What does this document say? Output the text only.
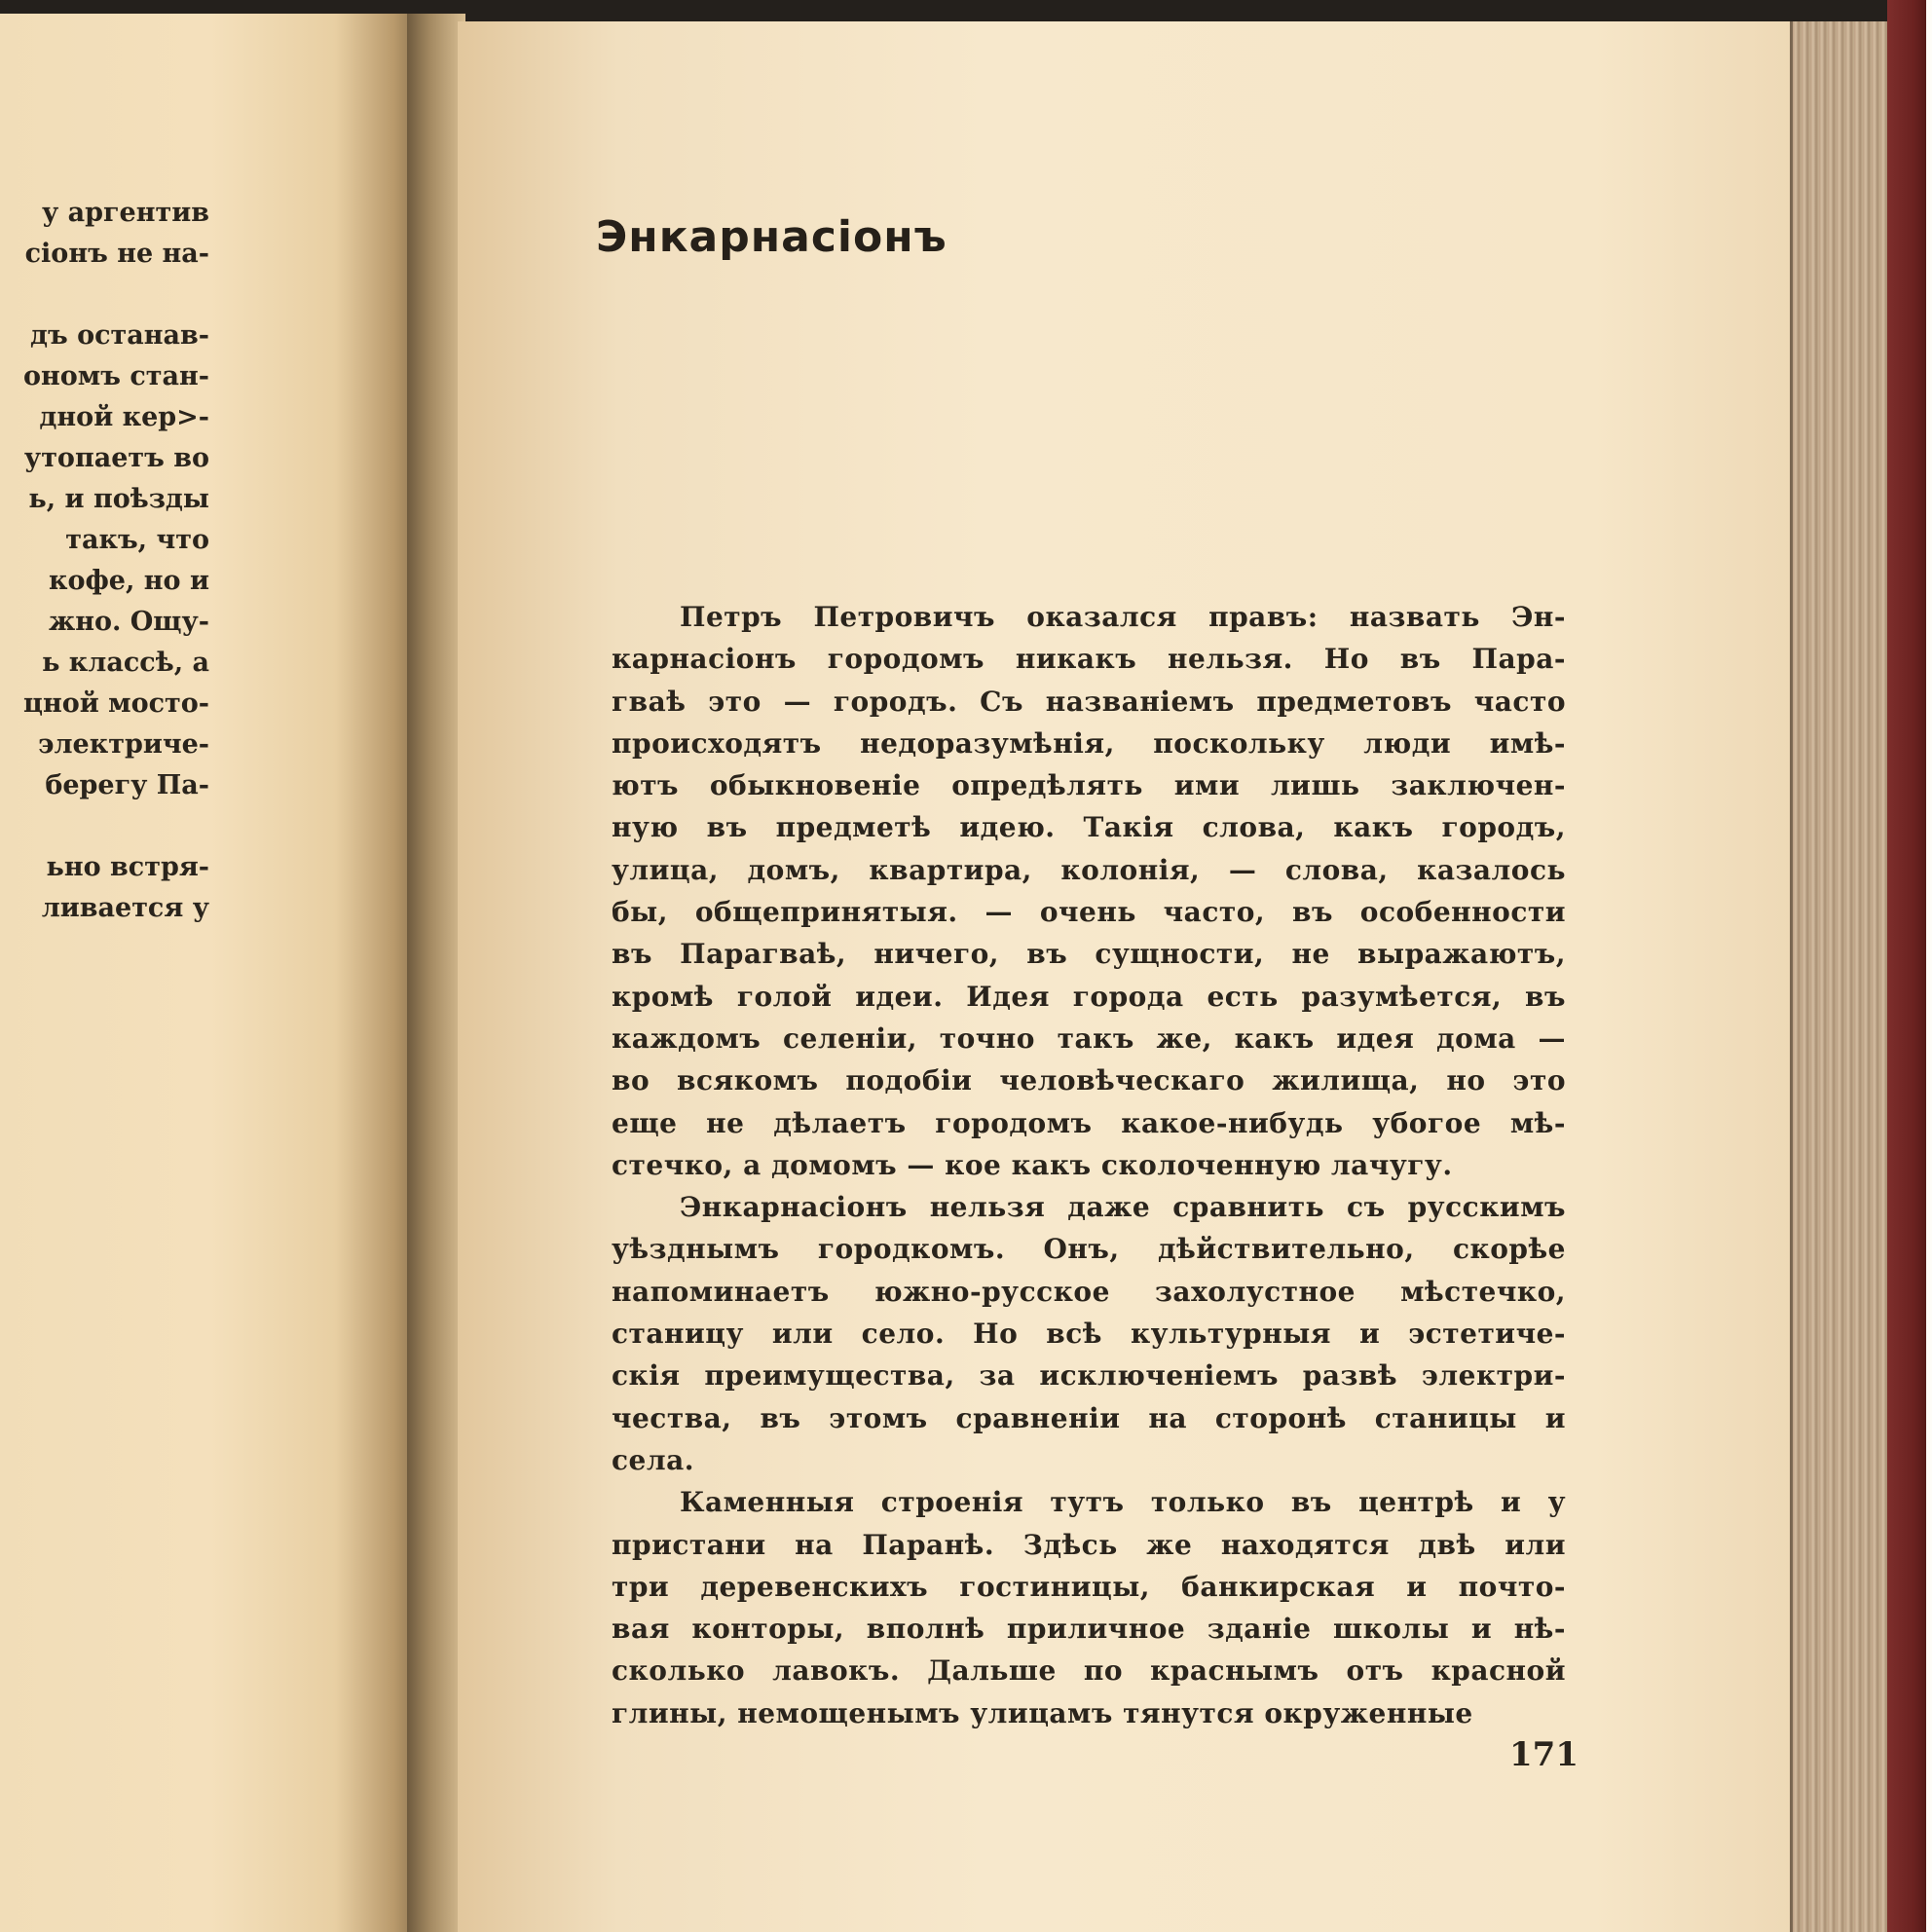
у аргентив
сіонъ не на-
дъ останав-
ономъ стан-
дной кер>-
утопаетъ во
ь, и поѣзды
такъ, что
кофе, но и
жно. Ощу-
ь классѣ, а
цной мосто-
электриче-
берегу Па-
ьно встря-
ливается у
Энкарнасіонъ
Петръ Петровичъ оказался правъ: назвать Эн-
карнасіонъ городомъ никакъ нельзя. Но въ Пара-
гваѣ это — городъ. Съ названіемъ предметовъ часто
происходятъ недоразумѣнія, поскольку люди имѣ-
ютъ обыкновеніе опредѣлять ими лишь заключен-
ную въ предметѣ идею. Такія слова, какъ городъ,
улица, домъ, квартира, колонія, — слова, казалось
бы, общепринятыя. — очень часто, въ особенности
въ Парагваѣ, ничего, въ сущности, не выражаютъ,
кромѣ голой идеи. Идея города есть разумѣется, въ
каждомъ селеніи, точно такъ же, какъ идея дома —
во всякомъ подобіи человѣческаго жилища, но это
еще не дѣлаетъ городомъ какое-нибудь убогое мѣ-
стечко, а домомъ — кое какъ сколоченную лачугу.
Энкарнасіонъ нельзя даже сравнить съ русскимъ
уѣзднымъ городкомъ. Онъ, дѣйствительно, скорѣе
напоминаетъ южно-русское захолустное мѣстечко,
станицу или село. Но всѣ культурныя и эстетиче-
скія преимущества, за исключеніемъ развѣ электри-
чества, въ этомъ сравненіи на сторонѣ станицы и
села.
Каменныя строенія тутъ только въ центрѣ и у
пристани на Паранѣ. Здѣсь же находятся двѣ или
три деревенскихъ гостиницы, банкирская и почто-
вая конторы, вполнѣ приличное зданіе школы и нѣ-
сколько лавокъ. Дальше по краснымъ отъ красной
глины, немощенымъ улицамъ тянутся окруженные
171
